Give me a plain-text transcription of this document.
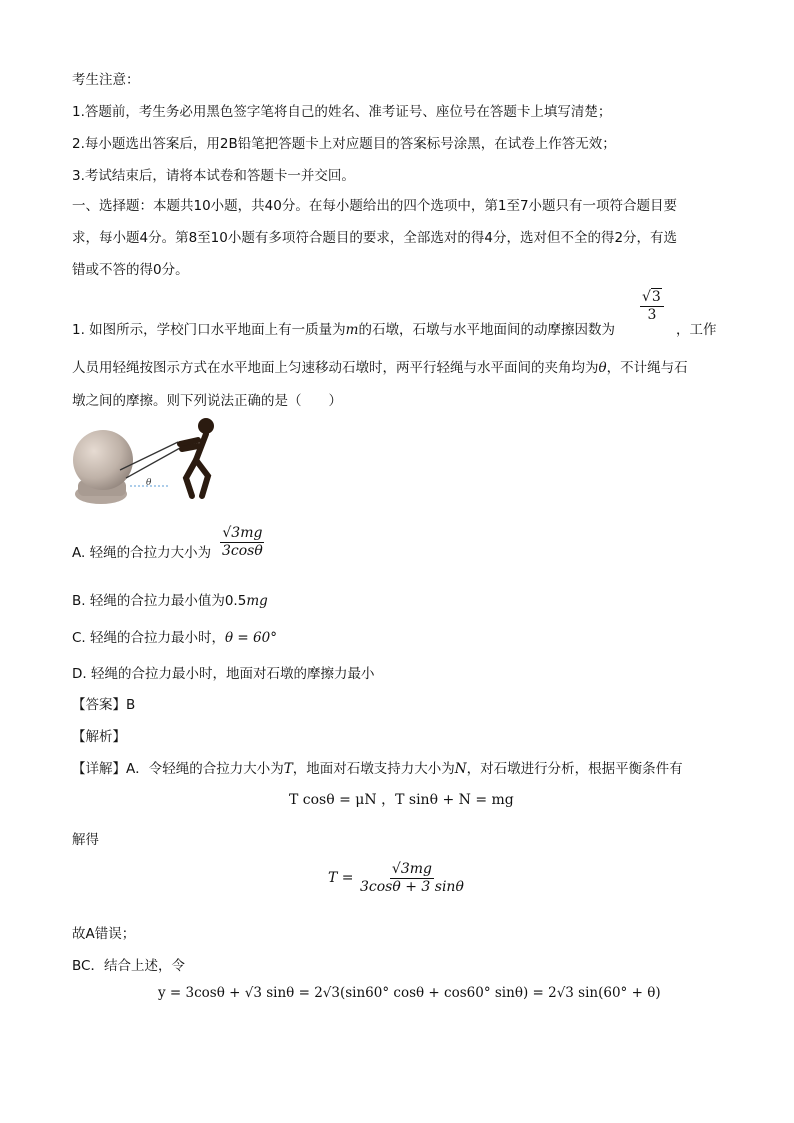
考生注意：
1.答题前，考生务必用黑色签字笔将自己的姓名、准考证号、座位号在答题卡上填写清楚；
2.每小题选出答案后，用2B铅笔把答题卡上对应题目的答案标号涂黑，在试卷上作答无效；
3.考试结束后，请将本试卷和答题卡一并交回。
一、选择题：本题共10小题，共40分。在每小题给出的四个选项中，第1至7小题只有一项符合题目要
求，每小题4分。第8至10小题有多项符合题目的要求，全部选对的得4分，选对但不全的得2分，有选
错或不答的得0分。
1. 如图所示，学校门口水平地面上有一质量为m的石墩，石墩与水平地面间的动摩擦因数为
$\frac{√3}{3}$
，工作
人员用轻绳按图示方式在水平地面上匀速移动石墩时，两平行轻绳与水平面间的夹角均为θ，不计绳与石
墩之间的摩擦。则下列说法正确的是（　　）
θ
A. 轻绳的合拉力大小为 $\frac{√3mg}{3\cos\theta}$
B. 轻绳的合拉力最小值为0.5mg
C. 轻绳的合拉力最小时，θ = 60°
D. 轻绳的合拉力最小时，地面对石墩的摩擦力最小
【答案】B
【解析】
【详解】A．令轻绳的合拉力大小为T，地面对石墩支持力大小为N，对石墩进行分析，根据平衡条件有
T cosθ = μN ，T sinθ + N = mg
解得
$T = \frac{√3mg}{3\cos\theta + 3 \sin\theta}$
故A错误；
BC．结合上述，令
y = 3cosθ + √3 sinθ = 2√3(sin60° cosθ + cos60° sinθ) = 2√3 sin(60° + θ)
